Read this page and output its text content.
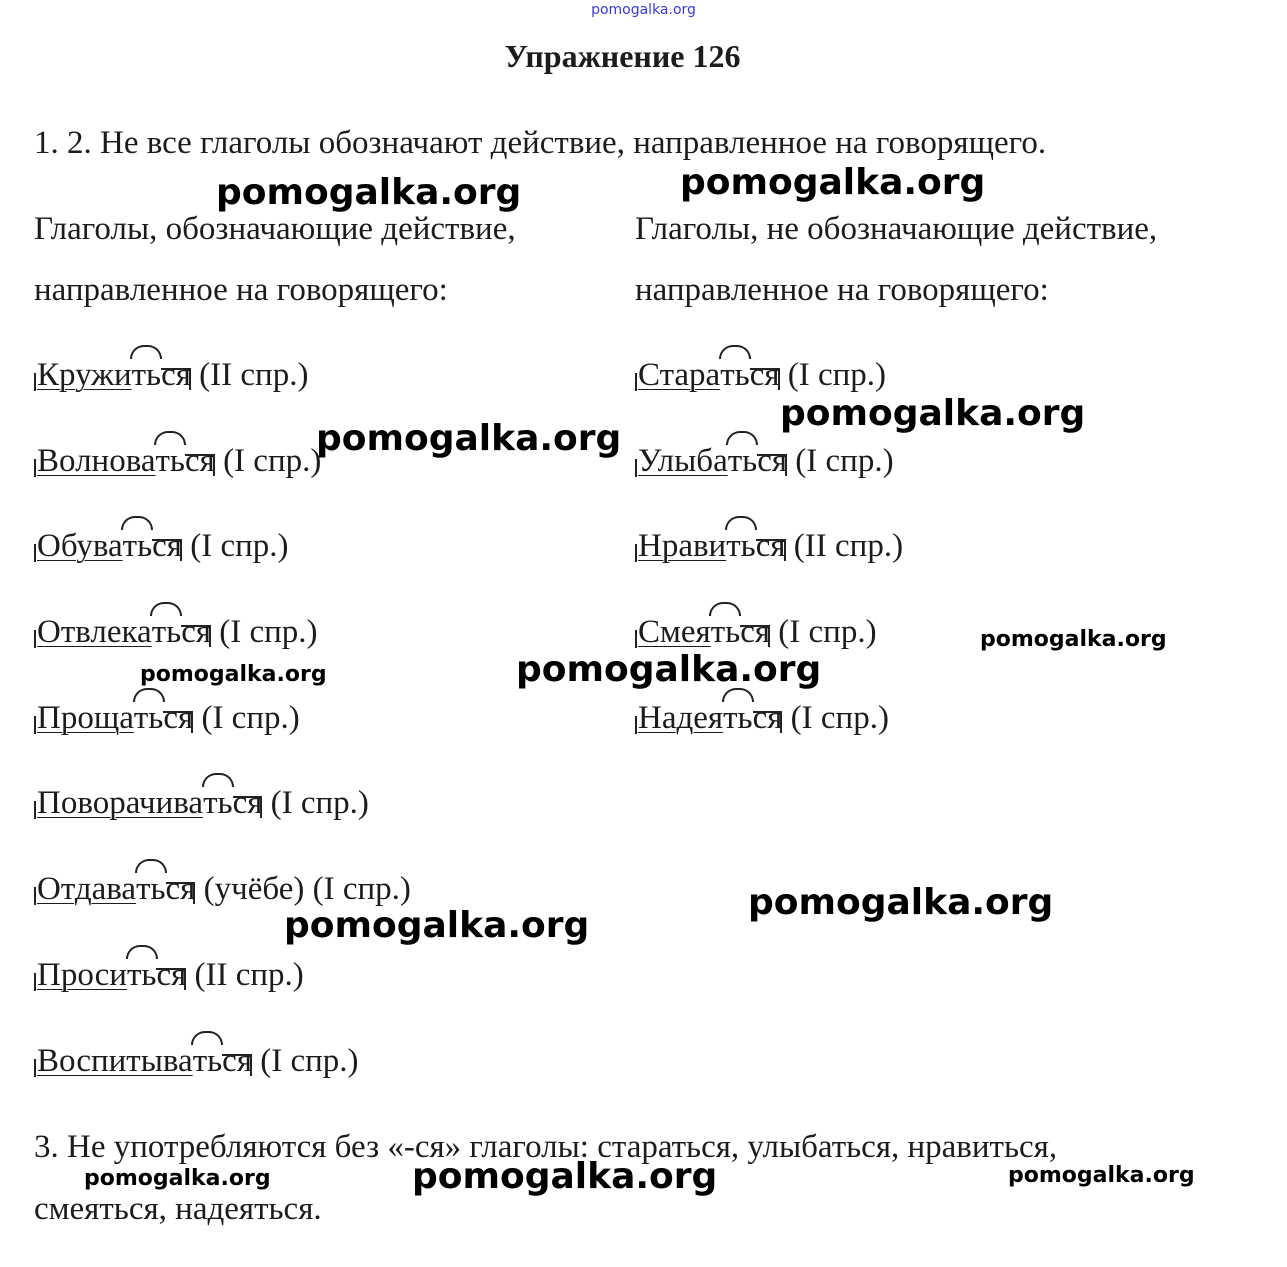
pomogalka.org
Упражнение 126
1. 2. Не все глаголы обозначают действие, направленное на говорящего.
Глаголы, обозначающие действие,
направленное на говорящего:
Глаголы, не обозначающие действие,
направленное на говорящего:
Кружи
ть
ся (II спр.)
Волнова
ть
ся (I спр.)
Обува
ть
ся (I спр.)
Отвлека
ть
ся (I спр.)
Проща
ть
ся (I спр.)
Поворачива
ть
ся (I спр.)
Отдава
ть
ся (учёбе) (I спр.)
Проси
ть
ся (II спр.)
Воспитыва
ть
ся (I спр.)
Стара
ть
ся (I спр.)
Улыба
ть
ся (I спр.)
Нрави
ть
ся (II спр.)
Смея
ть
ся (I спр.)
Надея
ть
ся (I спр.)
3. Не употребляются без «-ся» глаголы: стараться, улыбаться, нравиться,
смеяться, надеяться.
pomogalka.org	pomogalka.org
pomogalka.org
pomogalka.org
pomogalka.org
pomogalka.org
pomogalka.org
pomogalka.org
pomogalka.org
pomogalka.org	pomogalka.org	pomogalka.org
